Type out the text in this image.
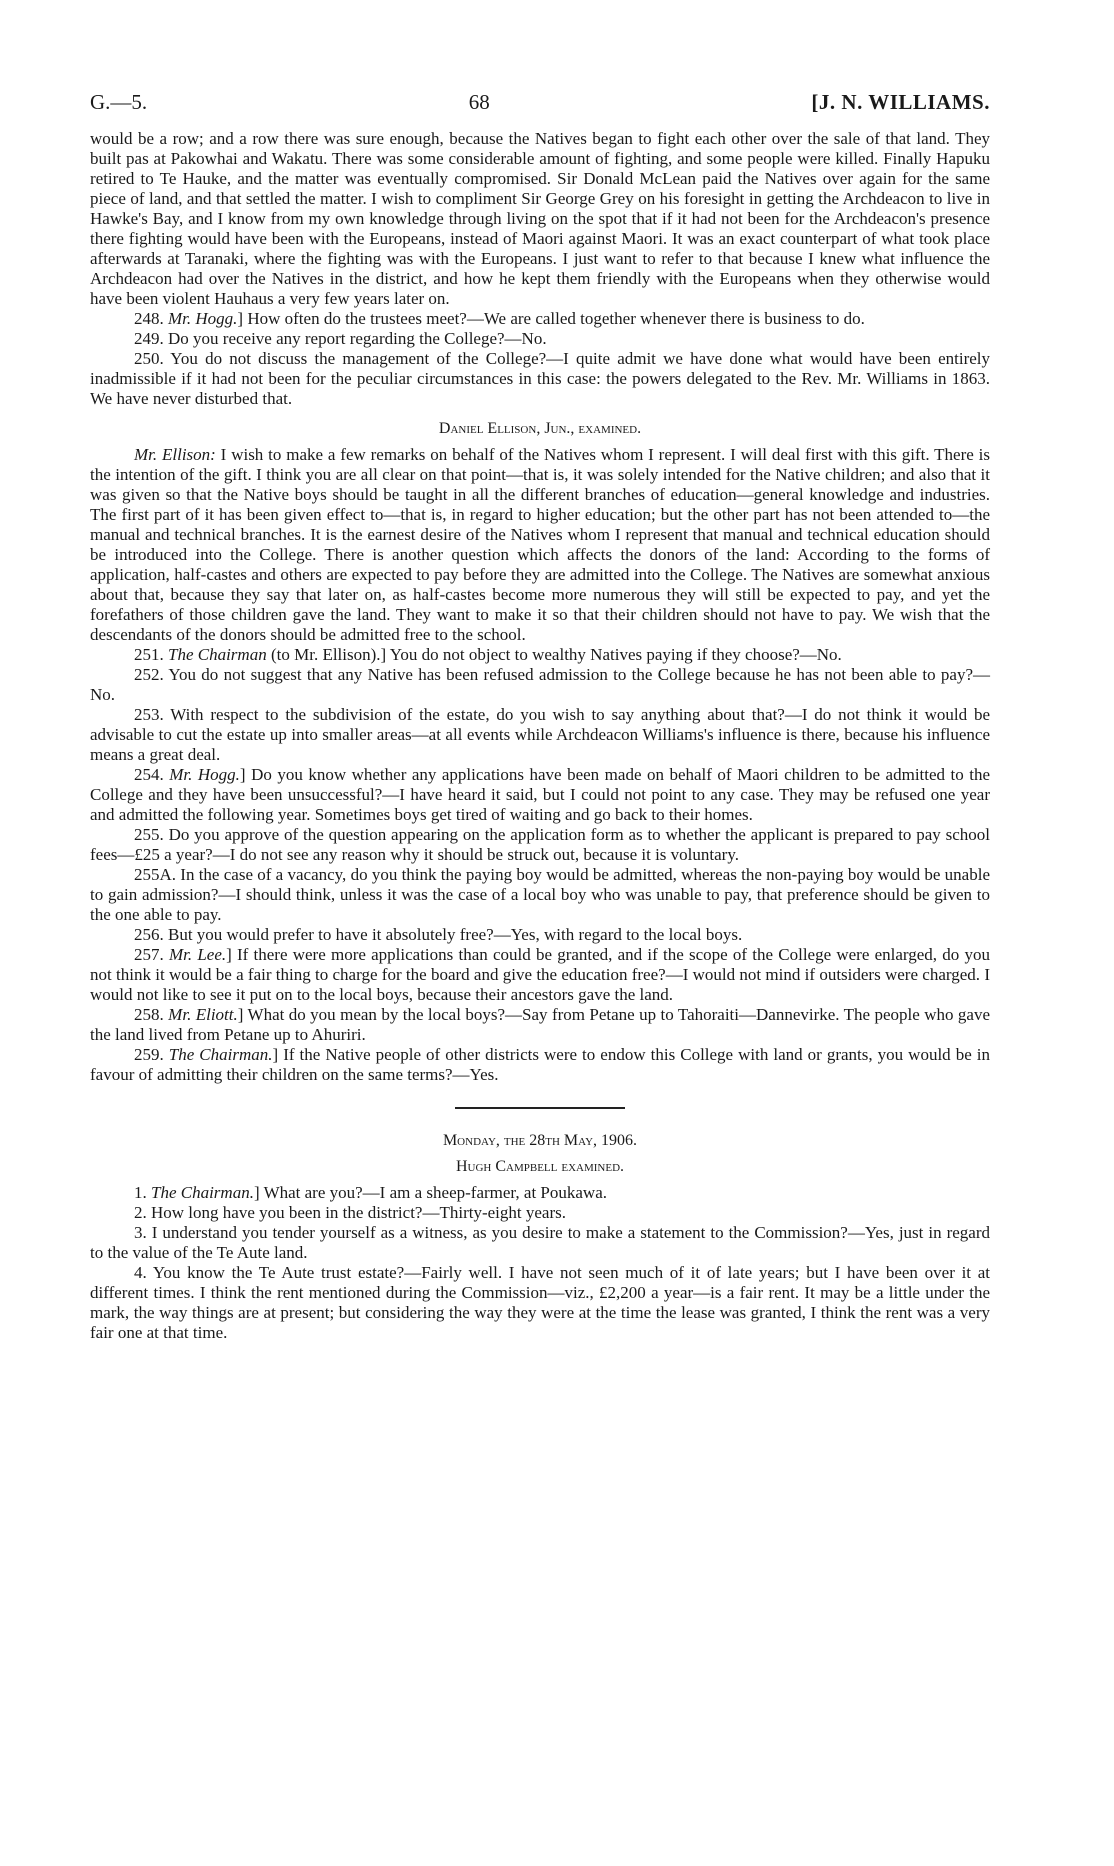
G.—5.	68	[J. N. WILLIAMS.

would be a row; and a row there was sure enough, because the Natives began to fight each other over the sale of that land. They built pas at Pakowhai and Wakatu. There was some considerable amount of fighting, and some people were killed. Finally Hapuku retired to Te Hauke, and the matter was eventually compromised. Sir Donald McLean paid the Natives over again for the same piece of land, and that settled the matter. I wish to compliment Sir George Grey on his foresight in getting the Archdeacon to live in Hawke's Bay, and I know from my own knowledge through living on the spot that if it had not been for the Archdeacon's presence there fighting would have been with the Europeans, instead of Maori against Maori. It was an exact counterpart of what took place afterwards at Taranaki, where the fighting was with the Europeans. I just want to refer to that because I knew what influence the Archdeacon had over the Natives in the district, and how he kept them friendly with the Europeans when they otherwise would have been violent Hauhaus a very few years later on.

248. Mr. Hogg.] How often do the trustees meet?—We are called together whenever there is business to do.

249. Do you receive any report regarding the College?—No.

250. You do not discuss the management of the College?—I quite admit we have done what would have been entirely inadmissible if it had not been for the peculiar circumstances in this case: the powers delegated to the Rev. Mr. Williams in 1863. We have never disturbed that.

Daniel Ellison, Jun., examined.

Mr. Ellison: I wish to make a few remarks on behalf of the Natives whom I represent. I will deal first with this gift. There is the intention of the gift. I think you are all clear on that point—that is, it was solely intended for the Native children; and also that it was given so that the Native boys should be taught in all the different branches of education—general knowledge and industries. The first part of it has been given effect to—that is, in regard to higher education; but the other part has not been attended to—the manual and technical branches. It is the earnest desire of the Natives whom I represent that manual and technical education should be introduced into the College. There is another question which affects the donors of the land: According to the forms of application, half-castes and others are expected to pay before they are admitted into the College. The Natives are somewhat anxious about that, because they say that later on, as half-castes become more numerous they will still be expected to pay, and yet the forefathers of those children gave the land. They want to make it so that their children should not have to pay. We wish that the descendants of the donors should be admitted free to the school.

251. The Chairman (to Mr. Ellison).] You do not object to wealthy Natives paying if they choose?—No.

252. You do not suggest that any Native has been refused admission to the College because he has not been able to pay?—No.

253. With respect to the subdivision of the estate, do you wish to say anything about that?—I do not think it would be advisable to cut the estate up into smaller areas—at all events while Archdeacon Williams's influence is there, because his influence means a great deal.

254. Mr. Hogg.] Do you know whether any applications have been made on behalf of Maori children to be admitted to the College and they have been unsuccessful?—I have heard it said, but I could not point to any case. They may be refused one year and admitted the following year. Sometimes boys get tired of waiting and go back to their homes.

255. Do you approve of the question appearing on the application form as to whether the applicant is prepared to pay school fees—£25 a year?—I do not see any reason why it should be struck out, because it is voluntary.

255A. In the case of a vacancy, do you think the paying boy would be admitted, whereas the non-paying boy would be unable to gain admission?—I should think, unless it was the case of a local boy who was unable to pay, that preference should be given to the one able to pay.

256. But you would prefer to have it absolutely free?—Yes, with regard to the local boys.

257. Mr. Lee.] If there were more applications than could be granted, and if the scope of the College were enlarged, do you not think it would be a fair thing to charge for the board and give the education free?—I would not mind if outsiders were charged. I would not like to see it put on to the local boys, because their ancestors gave the land.

258. Mr. Eliott.] What do you mean by the local boys?—Say from Petane up to Tahoraiti—Dannevirke. The people who gave the land lived from Petane up to Ahuriri.

259. The Chairman.] If the Native people of other districts were to endow this College with land or grants, you would be in favour of admitting their children on the same terms?—Yes.

Monday, the 28th May, 1906.
Hugh Campbell examined.

1. The Chairman.] What are you?—I am a sheep-farmer, at Poukawa.

2. How long have you been in the district?—Thirty-eight years.

3. I understand you tender yourself as a witness, as you desire to make a statement to the Commission?—Yes, just in regard to the value of the Te Aute land.

4. You know the Te Aute trust estate?—Fairly well. I have not seen much of it of late years; but I have been over it at different times. I think the rent mentioned during the Commission—viz., £2,200 a year—is a fair rent. It may be a little under the mark, the way things are at present; but considering the way they were at the time the lease was granted, I think the rent was a very fair one at that time.
